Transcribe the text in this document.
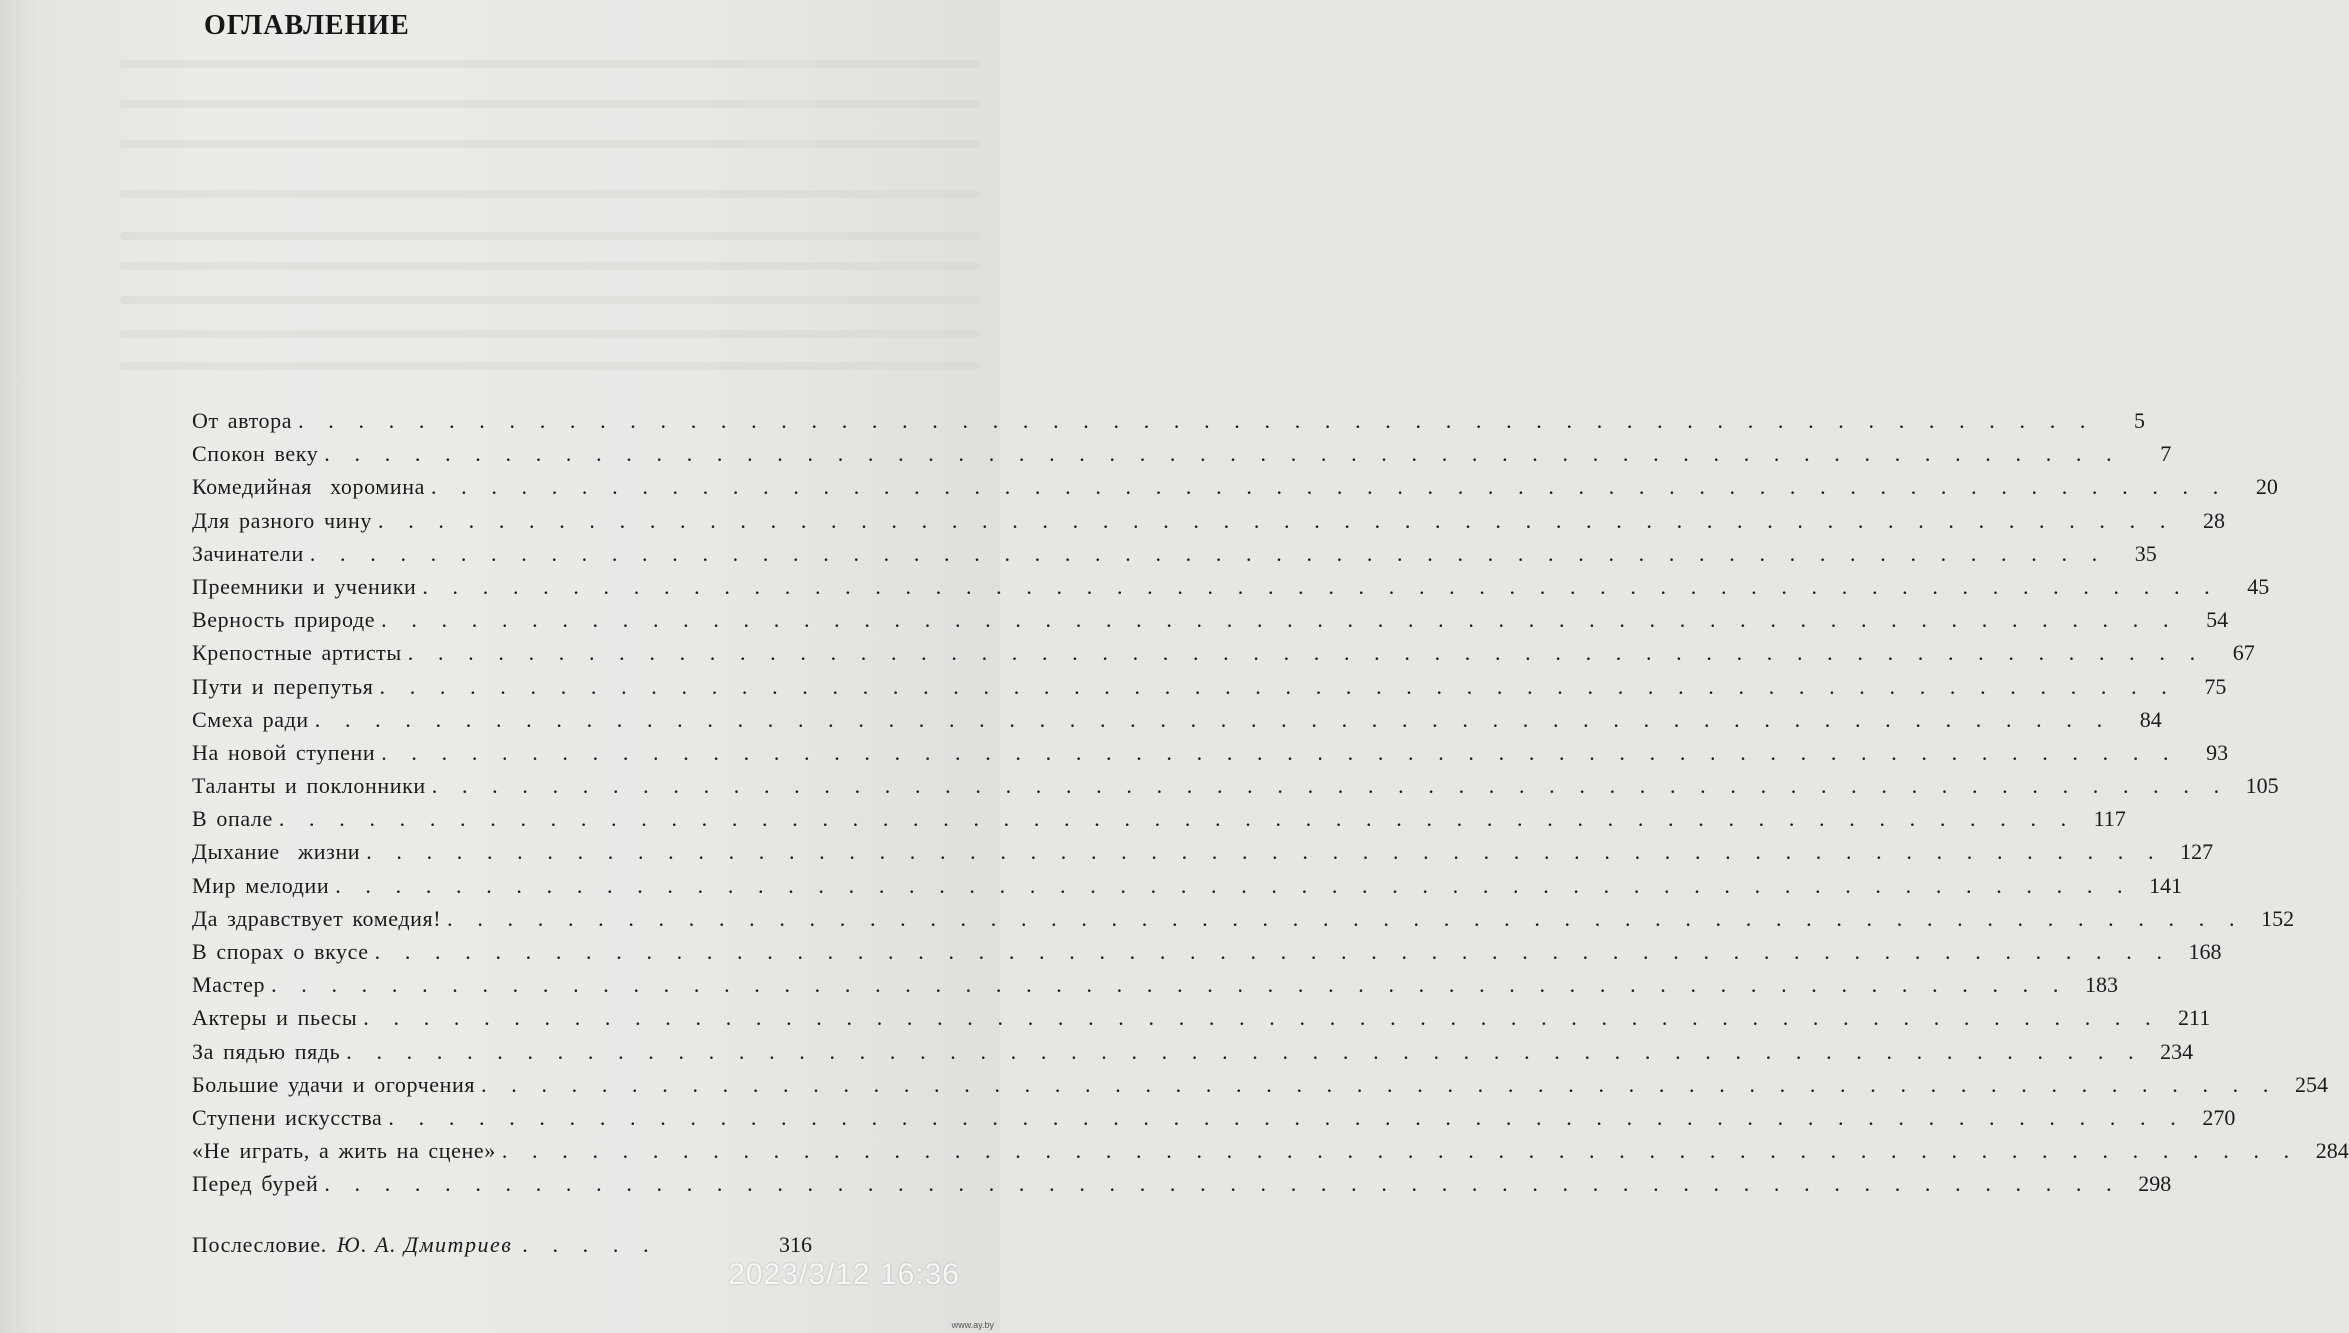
ОГЛАВЛЕНИЕ
От автора . . . . . . . . . . . . . . . . . . . . . . . . . . . . . . . . . . . . . . . . . . . . . . . . . . . . . . . . . . . .	5
Спокон веку . . . . . . . . . . . . . . . . . . . . . . . . . . . . . . . . . . . . . . . . . . . . . . . . . . . . . . . . . . . .	7
Комедийная  хоромина . . . . . . . . . . . . . . . . . . . . . . . . . . . . . . . . . . . . . . . . . . . . . . . . . . . . . . . . . . . .	20
Для разного чину . . . . . . . . . . . . . . . . . . . . . . . . . . . . . . . . . . . . . . . . . . . . . . . . . . . . . . . . . . . .	28
Зачинатели . . . . . . . . . . . . . . . . . . . . . . . . . . . . . . . . . . . . . . . . . . . . . . . . . . . . . . . . . . . .	35
Преемники и ученики . . . . . . . . . . . . . . . . . . . . . . . . . . . . . . . . . . . . . . . . . . . . . . . . . . . . . . . . . . . .	45
Верность природе . . . . . . . . . . . . . . . . . . . . . . . . . . . . . . . . . . . . . . . . . . . . . . . . . . . . . . . . . . . .	54
Крепостные артисты . . . . . . . . . . . . . . . . . . . . . . . . . . . . . . . . . . . . . . . . . . . . . . . . . . . . . . . . . . . .	67
Пути и перепутья . . . . . . . . . . . . . . . . . . . . . . . . . . . . . . . . . . . . . . . . . . . . . . . . . . . . . . . . . . . .	75
Смеха ради . . . . . . . . . . . . . . . . . . . . . . . . . . . . . . . . . . . . . . . . . . . . . . . . . . . . . . . . . . . .	84
На новой ступени . . . . . . . . . . . . . . . . . . . . . . . . . . . . . . . . . . . . . . . . . . . . . . . . . . . . . . . . . . . .	93
Таланты и поклонники . . . . . . . . . . . . . . . . . . . . . . . . . . . . . . . . . . . . . . . . . . . . . . . . . . . . . . . . . . . . 105
В опале . . . . . . . . . . . . . . . . . . . . . . . . . . . . . . . . . . . . . . . . . . . . . . . . . . . . . . . . . . . . 117
Дыхание  жизни . . . . . . . . . . . . . . . . . . . . . . . . . . . . . . . . . . . . . . . . . . . . . . . . . . . . . . . . . . . . 127
Мир мелодии . . . . . . . . . . . . . . . . . . . . . . . . . . . . . . . . . . . . . . . . . . . . . . . . . . . . . . . . . . . . 141
Да здравствует комедия! . . . . . . . . . . . . . . . . . . . . . . . . . . . . . . . . . . . . . . . . . . . . . . . . . . . . . . . . . . . . 152
В спорах о вкусе . . . . . . . . . . . . . . . . . . . . . . . . . . . . . . . . . . . . . . . . . . . . . . . . . . . . . . . . . . . . 168
Мастер . . . . . . . . . . . . . . . . . . . . . . . . . . . . . . . . . . . . . . . . . . . . . . . . . . . . . . . . . . . . 183
Актеры и пьесы . . . . . . . . . . . . . . . . . . . . . . . . . . . . . . . . . . . . . . . . . . . . . . . . . . . . . . . . . . . . 211
За пядью пядь . . . . . . . . . . . . . . . . . . . . . . . . . . . . . . . . . . . . . . . . . . . . . . . . . . . . . . . . . . . . 234
Большие удачи и огорчения . . . . . . . . . . . . . . . . . . . . . . . . . . . . . . . . . . . . . . . . . . . . . . . . . . . . . . . . . . . . 254
Ступени искусства . . . . . . . . . . . . . . . . . . . . . . . . . . . . . . . . . . . . . . . . . . . . . . . . . . . . . . . . . . . . 270
«Не играть, а жить на сцене» . . . . . . . . . . . . . . . . . . . . . . . . . . . . . . . . . . . . . . . . . . . . . . . . . . . . . . . . . . . . 284
Перед бурей . . . . . . . . . . . . . . . . . . . . . . . . . . . . . . . . . . . . . . . . . . . . . . . . . . . . . . . . . . . . 298
Послесловие. Ю. А. Дмитриев . . . . .	316
2023/3/12 16:36
www.ay.by
